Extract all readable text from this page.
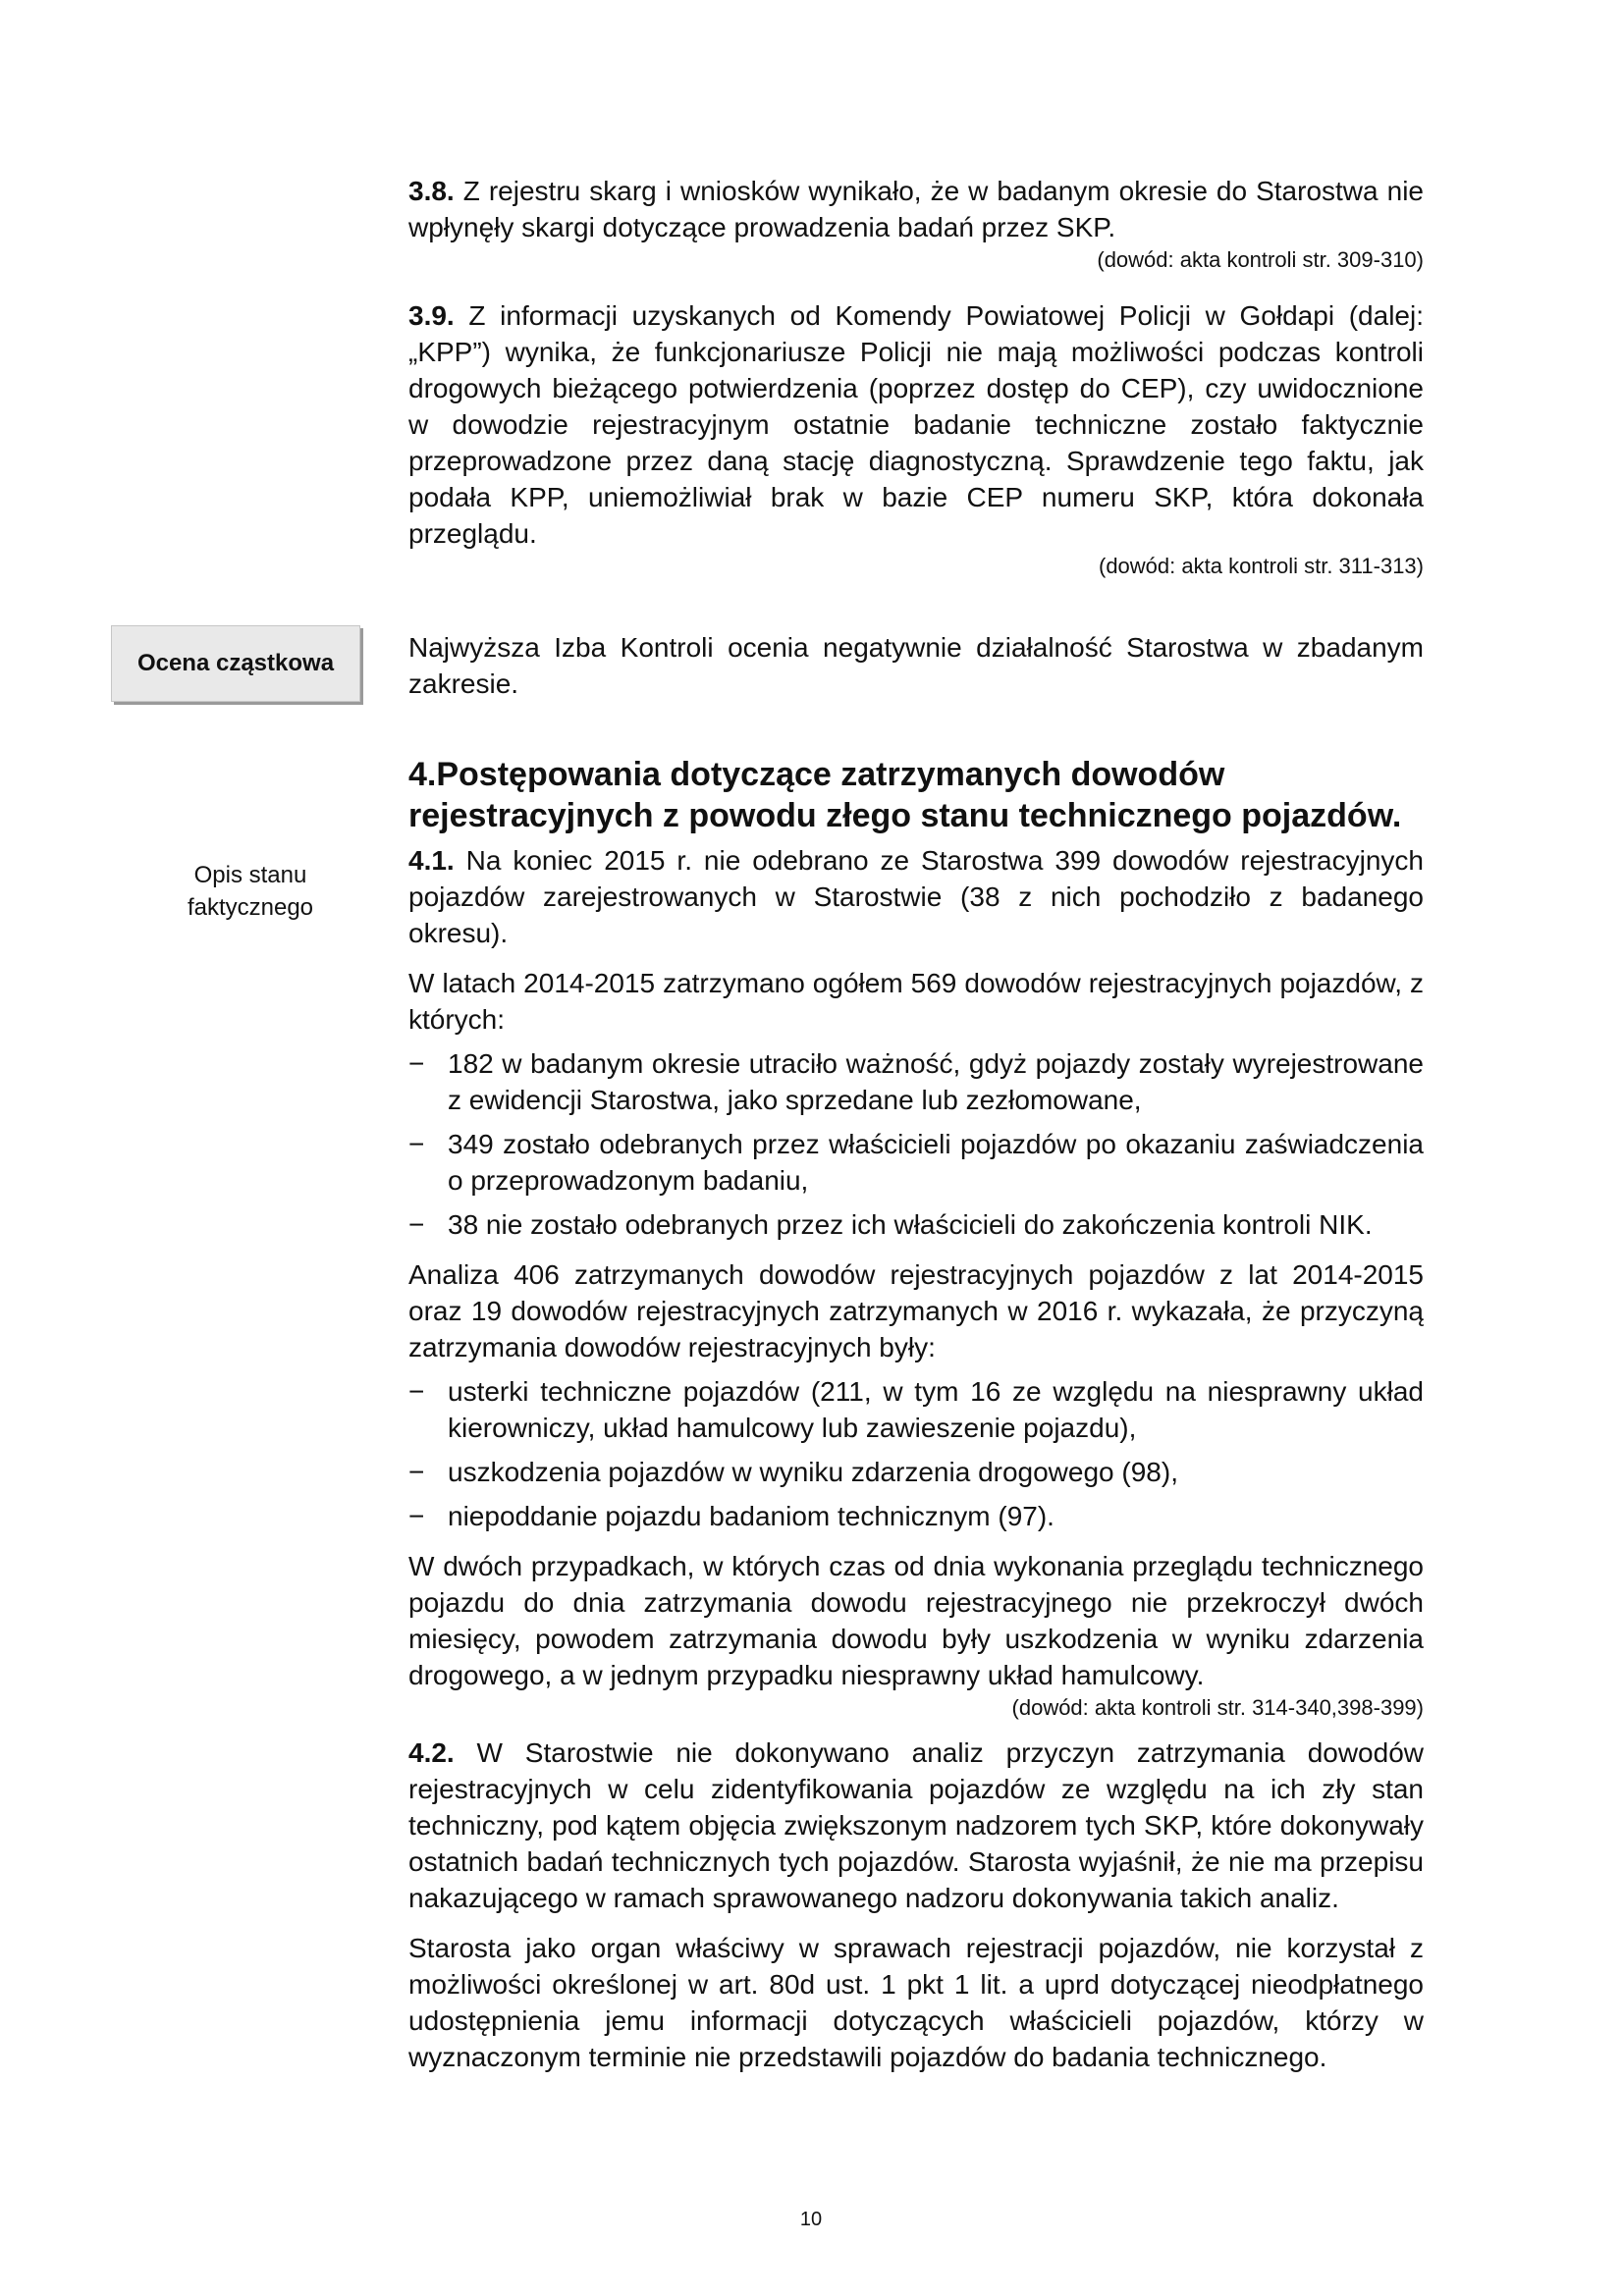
3.8. Z rejestru skarg i wniosków wynikało, że w badanym okresie do Starostwa nie wpłynęły skargi dotyczące prowadzenia badań przez SKP.

(dowód: akta kontroli str. 309-310)

3.9. Z informacji uzyskanych od Komendy Powiatowej Policji w Gołdapi (dalej: „KPP”) wynika, że funkcjonariusze Policji nie mają możliwości podczas kontroli drogowych bieżącego potwierdzenia (poprzez dostęp do CEP), czy uwidocznione w dowodzie rejestracyjnym ostatnie badanie techniczne zostało faktycznie przeprowadzone przez daną stację diagnostyczną. Sprawdzenie tego faktu, jak podała KPP, uniemożliwiał brak w bazie CEP numeru SKP, która dokonała przeglądu.

(dowód: akta kontroli str. 311-313)

Ocena cząstkowa

Najwyższa Izba Kontroli ocenia negatywnie działalność Starostwa w zbadanym zakresie.

Opis stanu
faktycznego
4.Postępowania dotyczące zatrzymanych dowodów rejestracyjnych z powodu złego stanu technicznego pojazdów.

4.1. Na koniec 2015 r. nie odebrano ze Starostwa 399 dowodów rejestracyjnych pojazdów zarejestrowanych w Starostwie (38 z nich pochodziło z badanego okresu).

W latach 2014-2015 zatrzymano ogółem 569 dowodów rejestracyjnych pojazdów, z których:

− 182 w badanym okresie utraciło ważność, gdyż pojazdy zostały wyrejestrowane z ewidencji Starostwa, jako sprzedane lub zezłomowane,
− 349 zostało odebranych przez właścicieli pojazdów po okazaniu zaświadczenia o przeprowadzonym badaniu,
− 38 nie zostało odebranych przez ich właścicieli do zakończenia kontroli NIK.

Analiza 406 zatrzymanych dowodów rejestracyjnych pojazdów z lat 2014-2015 oraz 19 dowodów rejestracyjnych zatrzymanych w 2016 r. wykazała, że przyczyną zatrzymania dowodów rejestracyjnych były:

− usterki techniczne pojazdów (211, w tym 16 ze względu na niesprawny układ kierowniczy, układ hamulcowy lub zawieszenie pojazdu),
− uszkodzenia pojazdów w wyniku zdarzenia drogowego (98),
− niepoddanie pojazdu badaniom technicznym (97).

W dwóch przypadkach, w których czas od dnia wykonania przeglądu technicznego pojazdu do dnia zatrzymania dowodu rejestracyjnego nie przekroczył dwóch miesięcy, powodem zatrzymania dowodu były uszkodzenia w wyniku zdarzenia drogowego, a w jednym przypadku niesprawny układ hamulcowy.

(dowód: akta kontroli str. 314-340,398-399)

4.2. W Starostwie nie dokonywano analiz przyczyn zatrzymania dowodów rejestracyjnych w celu zidentyfikowania pojazdów ze względu na ich zły stan techniczny, pod kątem objęcia zwiększonym nadzorem tych SKP, które dokonywały ostatnich badań technicznych tych pojazdów. Starosta wyjaśnił, że nie ma przepisu nakazującego w ramach sprawowanego nadzoru dokonywania takich analiz.

Starosta jako organ właściwy w sprawach rejestracji pojazdów, nie korzystał z możliwości określonej w art. 80d ust. 1 pkt 1 lit. a uprd dotyczącej nieodpłatnego udostępnienia jemu informacji dotyczących właścicieli pojazdów, którzy w wyznaczonym terminie nie przedstawili pojazdów do badania technicznego.

10
